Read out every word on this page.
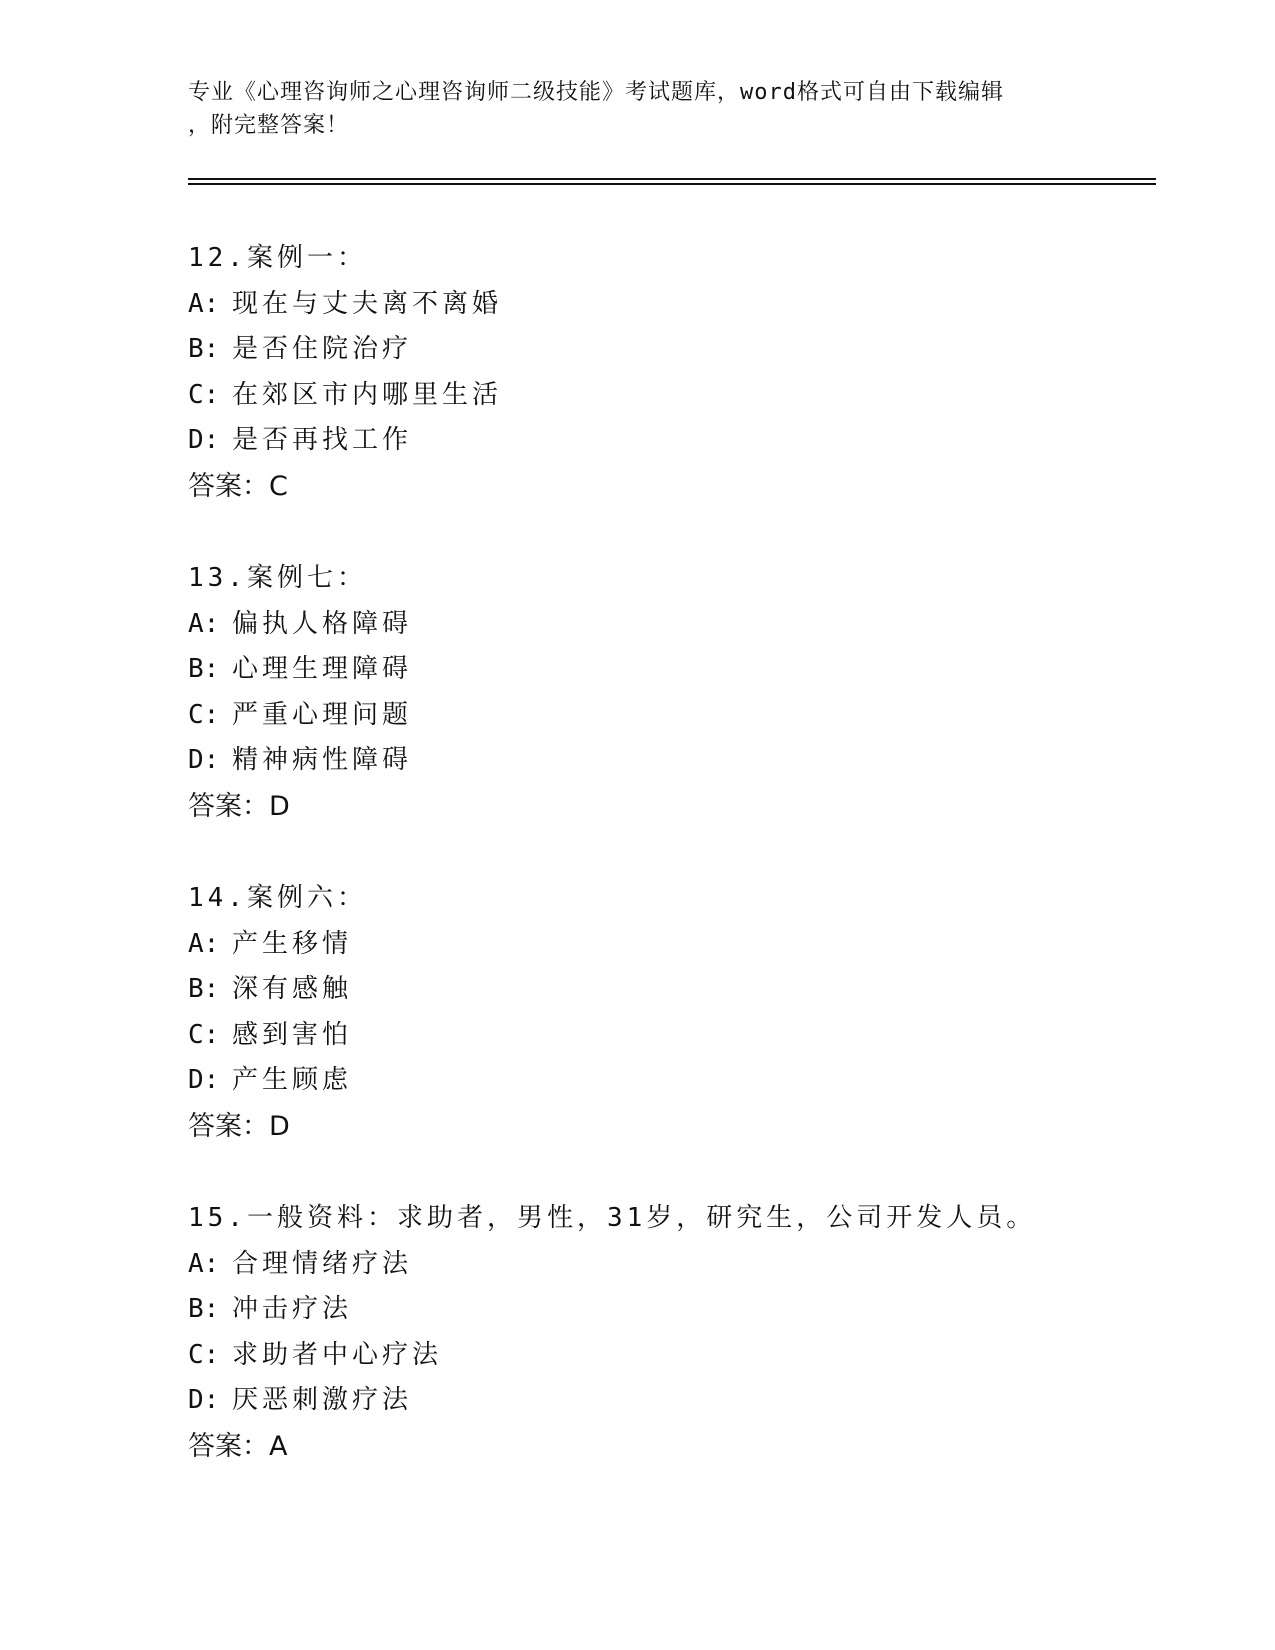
专业《心理咨询师之心理咨询师二级技能》考试题库，word格式可自由下载编辑
，附完整答案！
12.案例一：
A: 现在与丈夫离不离婚
B: 是否住院治疗
C: 在郊区市内哪里生活
D: 是否再找工作
答案：C
13.案例七：
A: 偏执人格障碍
B: 心理生理障碍
C: 严重心理问题
D: 精神病性障碍
答案：D
14.案例六：
A: 产生移情
B: 深有感触
C: 感到害怕
D: 产生顾虑
答案：D
15.一般资料：求助者，男性，31岁，研究生，公司开发人员。
A: 合理情绪疗法
B: 冲击疗法
C: 求助者中心疗法
D: 厌恶刺激疗法
答案：A
